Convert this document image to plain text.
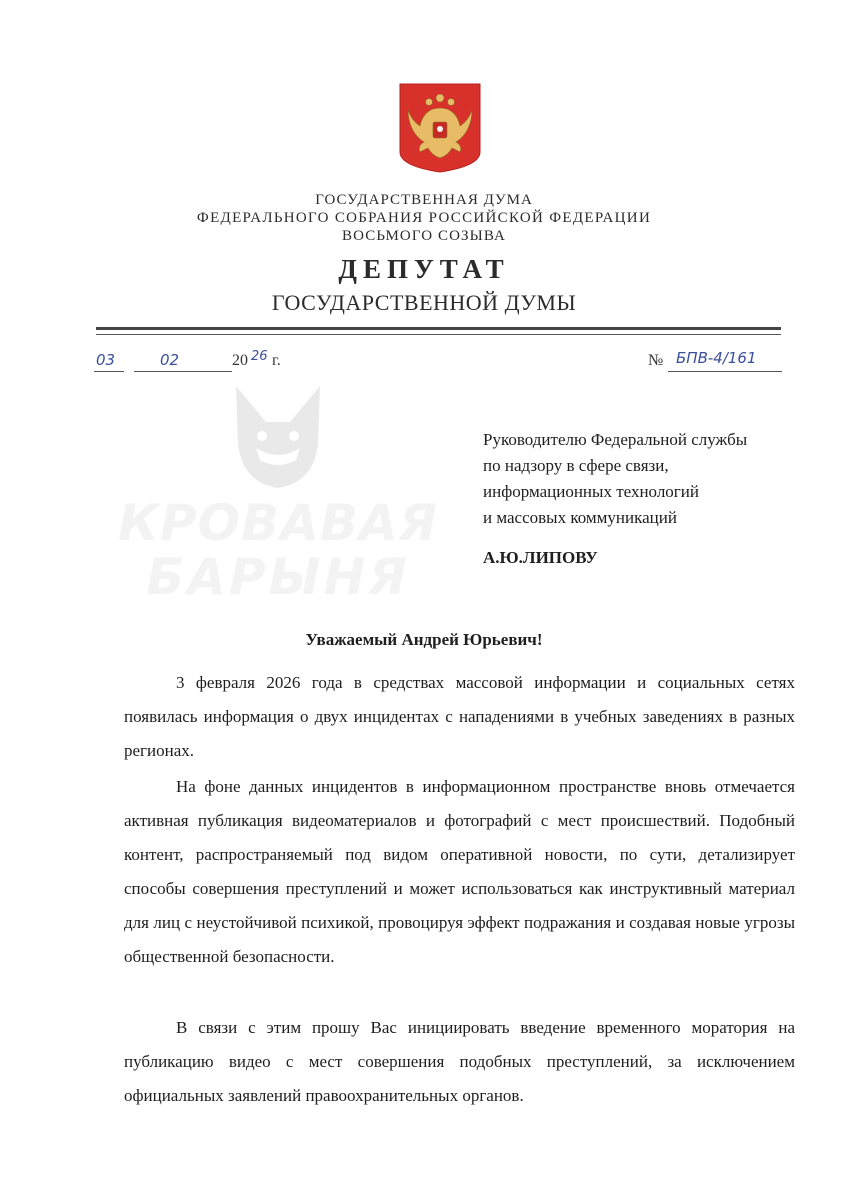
ГОСУДАРСТВЕННАЯ ДУМА
ФЕДЕРАЛЬНОГО СОБРАНИЯ РОССИЙСКОЙ ФЕДЕРАЦИИ
ВОСЬМОГО СОЗЫВА
ДЕПУТАТ
ГОСУДАРСТВЕННОЙ ДУМЫ
03	02	20 26 г.	№ БПВ-4/161
КРОВАВАЯ
БАРЫНЯ
Руководителю Федеральной службы
по надзору в сфере связи,
информационных технологий
и массовых коммуникаций
А.Ю.ЛИПОВУ
Уважаемый Андрей Юрьевич!
3 февраля 2026 года в средствах массовой информации и социальных сетях появилась информация о двух инцидентах с нападениями в учебных заведениях в разных регионах.
На фоне данных инцидентов в информационном пространстве вновь отмечается активная публикация видеоматериалов и фотографий с мест происшествий. Подобный контент, распространяемый под видом оперативной новости, по сути, детализирует способы совершения преступлений и может использоваться как инструктивный материал для лиц с неустойчивой психикой, провоцируя эффект подражания и создавая новые угрозы общественной безопасности.
В связи с этим прошу Вас инициировать введение временного моратория на публикацию видео с мест совершения подобных преступлений, за исключением официальных заявлений правоохранительных органов.
